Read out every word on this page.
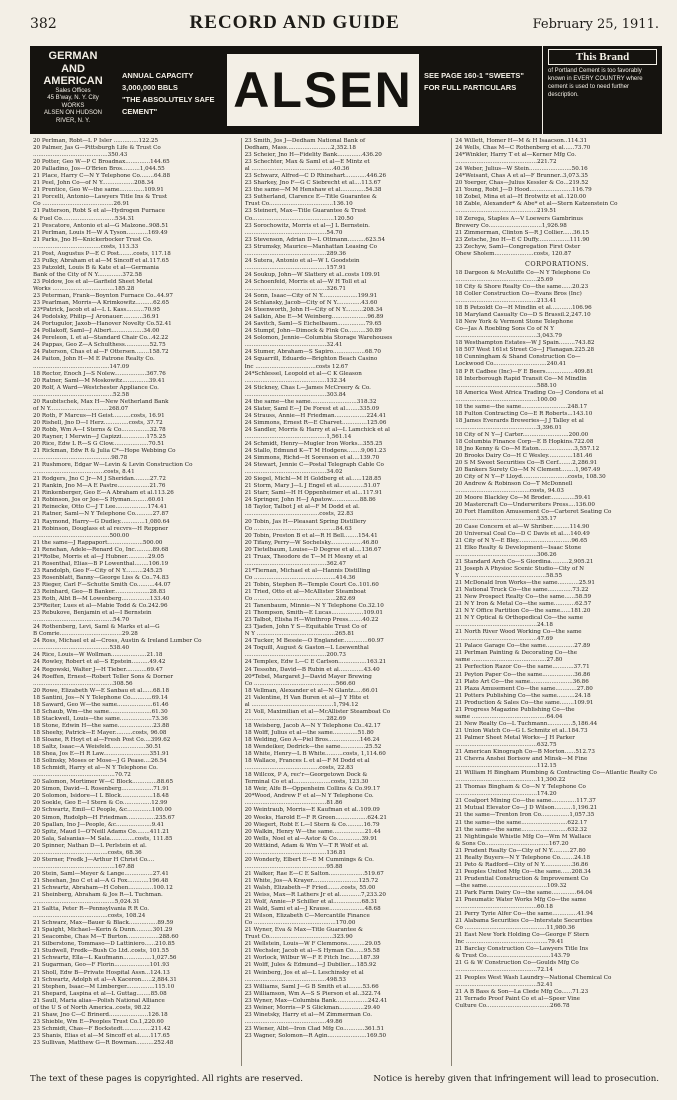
382	RECORD AND GUIDE	February 25, 1911.
GERMAN
AND
AMERICAN
Sales Offices
45 B'way, N. Y. City
WORKS
ALSEN ON HUDSON RIVER, N. Y.
ANNUAL CAPACITY 3,000,000 BBLS
"THE ABSOLUTELY SAFE CEMENT"	ALSEN	SEE PAGE 160-1 "SWEETS"
FOR FULL PARTICULARS
This Brand
of Portland Cement is too favorably known in EVERY COUNTRY where cement is used to need further description.
20 Perlman, Robt—L P Isler ..............122.25
20 Palmer, Jas G—Pittsburgh Life & Trust Co
..........................................350.43
20 Potter, Geo W—P C Broadnax..............144.65
20 Palladino, Jos—O'Brien Bros..........1,044.55
21 Place, Harry C—N Y Telephone Co........64.88
21 Peel, John Co—of N Y..................208.34
21 Prentice, Geo W—the same..............109.91
21 Porcelli, Antonio—Lawyers Title Ins & Trust
Co ........................................26.91
21 Patterson, Robt S et al—Hydrogen Furnace
& Fuel Co..............................534.31
21 Pescatore, Antonio et al—G Malzone..908.51
21 Perlman, Louis H—W A Tyson............169.49
21 Parks, Jno H—Knickerbocker Trust Co.
......................................costs, 113.33
21 Post, Augustus P—E C Post........costs, 117.18
23 Pulky, Abraham et al—M Sincoff et al.117.65
23 Patzoldt, Louis B & Kate et al—Germania
Bank of the City of N Y..............372.58
23 Poldow, Jos et al—Garfield Sheet Metal
Works ...................................185.28
23 Peterman, Frank—Boynton Furnace Co..44.97
23 Pearlman, Morris—A Krimkowitz..........62.65
23*Patrick, Jacob et al—L L Kass..........70.95
24 Podolsky, Philip—J Aronauer............36.91
24 Portugulor, Jaxob—Hanover Novelty Co.52.41
24 Pollakoff, Saml—J Albert..................34.00
24 Pereleon, L et al—Standard Chair Co...42.22
24 Pappas, Geo Z—A Schulthess..............52.75
24 Paterson, Chas et al—F Ottersen........158.72
24 Paiton, John H—M E Patrone Realty Co.
...........................................147.09
18 Rector, Enoch J—S Nolew..................367.76
20 Ratner, Saml—M Moskowitz...............39.41
20 Rolf, A Ward—Westchester Appliance Co.
.............................................52.58
20 Raubitschek, Max H—New Netherland Bank
of N Y.................................268.07
20 Roth, F Marcus—H Geist..........costs, 16.91
20 Rishell, Jno D—I Herz..............costs, 37.72
20 Robb, Wm A—I Sterns & Co................32.78
20 Rayner, I Merwin—J Capizzi..............175.25
20 Rice, Edw L R—S G Clow....................70.51
21 Rickman, Edw R & Julia C*—Hope Webbing Co
............................................98.78
21 Rushmore, Edgar W—Levin & Levin Construction Co
........................................costs, 8.41
21 Rodgers, Jno C Jr—M J Sheridan.........27.72
21 Rankin, Jno M—A E Pastre..................21.76
21 Rinkenberger, Geo E—A Abraham et al.113.26
21 Robinson, Jos or Joe—S Hyman..........60.61
21 Reinecke, Otto C—J T Lee..................174.41
21 Ratner, Saml—N Y Telephone Co..........27.87
21 Raymond, Harry—G Dudley..............1,080.64
21 Robinson, Douglass et al recvrs—H Reppner
...........................................500.00
21 the same—J Rappaport....................500.00
21 Renehan, Adele—Renard Co, Inc..........89.68
21*Rolbe, Morris et al—J Hubner............29.05
21 Rosenthal, Elias—B P Lowenthal........106.19
23 Randolph, Geo F—City of N Y..........245.25
23 Rosenblatt, Banny—George Liss & Co..74.83
23 Rieger, Carl F—Schutte Smith Co..........44.07
23 Reinhard, Geo—B Banker....................28.83
23 Roth, Albt B—M Lowenberg................133.40
23*Reiter, Lues et al—Mabie Todd & Co.242.96
23 Rebukove, Benjamin et al—I Bernstein
.............................................54.70
24 Rothenberg, Levi, Saml & Marks et al—G
B Comrie...................................29.28
24 Ross, Michael et al—Cross, Austin & Ireland Lumber Co
...........................................538.40
24 Rice, Louis—W Wollman....................21.18
24 Rowley, Robert et al—S Epstein..........49.42
24 Regowski, Walter J—H Tieber............69.47
24 Roeffen, Ernest—Robert Teller Sons & Dorner
.............................................308.56
20 Rowe, Elizabeth W—E Sanbau et al......68.18
18 Santini, Jos—N Y Telephone Co............69.14
18 Saward, Geo W—the same....................61.46
18 Schaub, Wm—the same........................61.30
18 Stackwell, Louis—the same..................73.36
18 Stone, Edwin H—the same....................23.88
18 Sheehy, Patrick—E Mayer..........costs, 96.08
18 Sloane, R Hoyt et al—Fresh Post Co....399.62
18 Saltz, Isaac—A Weisfeld....................30.51
18 Shea, Jos E—H R Law..........................351.91
18 Solinsky, Moses or Mose—J G Pease....26.54
18 Schmidt, Harry et al—N Y Telephone Co.
..............................................70.72
20 Salomon, Mortimer W—C Block..............88.65
20 Simon, David—L Rosenberg..................71.91
20 Solomon, Isidore—I L Block..................18.48
20 Soekle, Geo E—I Stern & Co................12.99
20 Schwartz, Emil—C People, &c..............100.00
20 Simon, Rudolph—H Friedman................235.67
20 Spallan, Ino J—People, &c....................9.41
20 Spitz, Maud I—O'Neill Adams Co........411.21
20 Sala, Salsanias—M Sala..............costs, 111.85
20 Spinner, Nathan D—L Perlstein et al.
..........................................costs, 68.36
20 Sterner, Fredk J—Arthur H Christ Co....
..............................................167.88
20 Stein, Saml—Meyer & Lange................27.41
21 Sheehan, Jno C et al—A G Fox............196.48
21 Schwartz, Abraham—H Cohen..............100.12
21 Sheinberg, Abraham & Jos R—L Tuchman.
..............................................5,024.31
21 Saltta, Peter R—Pennsylvania R R Co.
..........................................costs, 108.24
21 Schwarz, Max—Bauer & Black................89.59
21 Spaight, Michael—Kerin & Dunn..........301.29
21 Seacombe, Chas M—T Burton..................288.60
21 Silberstone, Tommaso—D Lattiniero......210.85
21 Studwell, Fredk—Bush Co Ltd..costs, 101.55
21 Schwartz, Ella—L Kaufmann................1,027.56
21 Sugarman, Geo—F Florin....................101.93
21 Sholl, Edw B—Private Hospital Assn...124.13
21 Schwartz, Adolph et al—A Kaceron......2,884.31
21 Stephen, Isaac—M Limberger................115.10
21 Shepard, Laspina et al—L Guttag........85.08
21 Saull, Maria alias—Polish National Alliance
of the U S of North America..costs, 98.22
21 Shaw, Jno C—C Brinerd......................126.18
23 Shieble, Wm E—Peoples Trust Co.1,220.60
23 Schmidt, Chas—F Bockstedt................211.42
23 Shanis, Elias et al—M Sincoff et al......117.65
23 Sullivan, Matthew G—R Bowman..........252.48
23 Smith, Jos J—Dedham National Bank of
Dedham, Mass.........................2,352.18
23 Scheier, Jno H—Fidelity Bank..............436.20
23 Schechter, Max & Saml et al—E Mintz et
al ..............................................40.36
23 Schwarz, Alfred—C D Rhinehart............446.26
23 Sharkey, Jno F—G C Siebrecht et al....113.67
23 the same—M M Henshaw et al..............54.38
23 Sutherland, Clarence E—Title Guarantee &
Trust Co....................................136.10
23 Steinert, Max—Title Guarantee & Trust
Co..............................................120.50
23 Sorochowitz, Morris et al—J L Bernstein.
..............................................54.70
23 Stevenson, Adrian D—L Ottmann..........623.54
23 Strumsky, Maurice—Manhattan Leasing Co
..............................................289.36
24 Sutera, Antonio et al—W L Goodstein
..............................................157.91
24 Soukup, John—W Slattery et al..costs 109.91
24 Schoenfeld, Morris et al—W H Toll et al
..............................................326.71
24 Sonn, Isaac—City of N Y....................199.91
24 Schlansky, Jacob—City of N Y..............43.60
24 Steenworth, John H—City of N Y..........208.34
24 Salkin, Abe E—M Weinberg....................96.89
24 Savitch, Saml—S Eichelbaum................79.65
24 Stumpf, John—Dimock & Fink Co..........30.89
24 Solomon, Jennie—Columbia Storage Warehouses
..............................................32.41
24 Stumer, Abraham—S Sapiro..................68.70
24 Squarrill, Eduardo—Brighton Beach Casino
Inc ..................................costs 12.67
24*Schlessel, Leopold et al—C K Gleason
..............................................132.34
24 Stickney, Chas L—James McCreery & Co.
..............................................303.84
24 the same—the same..........................318.32
24 Slater, Saml E—J De Forest et al........335.09
24 Strauss, Annie—H Friedman..................224.41
24 Simmons, Ernest R—E Charvet..............125.06
24 Sandler, Morris & Harry et al—L Lamchick et al
..............................................1,561.14
24 Schmidt, Henry—Mugler Iron Works...355.25
24 Stallo, Edmund K—T M Hodgens........9,061.23
24 Simmons, Richd—H Sorenson et al....139.70
24 Stewart, Jennie C—Postal Telegraph Cable Co
..............................................34.02
20 Siegel, Michl—M H Goldberg et al......128.85
21 Storm, Mary J—L J Engel et al..............51.07
21 Starr, Saml—H H Oppenheimer et al...117.91
24 Springer, John H—J Apatow................88.86
18 Taylor, Talbot J et al—F M Dodd et al.
..........................................costs, 22.83
20 Tobin, Jas H—Pleasant Spring Distillery
Co ..............................................84.63
20 Tobin, Preston B et al—R H Bell........154.41
20 Tifany, Perry—W Sochelsky..................46.80
20 Tietelbaum, Louise—D Degree et al....136.67
21 Truax, Theodore de T—M H Mesny et al
..............................................362.47
21*Tiernan, Michael et al—Hannis Distilling
Co ..............................................414.36
21 Tobin, Stephen R—Temple Court Co..101.60
21 Tried, Otto et al—McAllister Steamboat
Co ..............................................282.69
21 Tanenbaum, Minnie—N Y Telephone Co.32.10
21 Thompson, Smith—E Lucas..................109.01
23 Talbot, Elisha H—Winthrop Press........40.22
23 Tjaden, John Y S—Equitable Trust Co of
N Y ............................................265.81
24 Tucker, M Bessie—O Englander..............60.97
24 Toquill, August & Gaston—L Loewenthal
..............................................200.73
24 Templex, Edw L—C E Carlson................163.21
24 Tessohn, David—B Rubin et al..............43.40
20*Tebel, Margaret J—David Mayer Brewing
Co ..............................................566.60
18 Vellman, Alexander et al—N Glantz.....66.01
21 Valentine, H Van Buren et al—J Y Hite et
al ..............................................1,794.12
21 Voll, Maximilian et al—McAllister Steamboat Co
..............................................282.69
18 Weisberg, Jacob A—N Y Telephone Co..42.17
18 Wolff, Julius et al—the same..............51.80
18 Welding, Geo A—Piel Bros..................146.24
18 Wendeiker, Dedrick—the same..............25.52
18 White, Henry—L B White..........costs, 1,114.60
18 Wallace, Frances L et al—F M Dodd et al
..........................................costs, 22.83
18 Willcox, P A, rec'r—Georgetown Dock &
Terminal Co et al.....................costs, 123.30
18 Weir, Alfe B—Oppenheim Collins & Co.99.17
20*Wood, Andrew F et al—N Y Telephone Co.
..............................................81.86
20 Weintraub, Morris—E Kaufman et al..109.09
20 Weeks, Harold E—F R Green..................624.21
20 Wiegert, Robt E L—I Stern & Co..........16.79
20 Walkin, Henry W—the same..................21.44
20 Wells, Noel et al—Astor & Co..............39.91
20 Wittkind, Adam & Wm V—T R Wolf et al.
..............................................136.81
20 Wonderly, Elbert E—E M Cummings & Co.
..............................................95.88
21 Walker, Rae E—C E Salton....................519.67
21 White, Jos—A Krayer..........................125.72
21 Walsh, Elizabeth—F Fried........costs, 55.00
21 Weiss, Max—R Lathers Jr et al............7,233.20
21 Wolf, Annie—P Schiller et al................68.31
21 Wald, Sami et al—J Krause....................48.68
21 Wilson, Elizabeth C—Mercantile Finance
Co ..............................................170.00
21 Wyner, Eva & Max—Title Guarantee &
Trust Co....................................323.90
21 Wellstein, Louis—W F Clemmons..........29.05
21 Wechsler, Jacob et al—S Hyman Co......95.58
21 Worlock, Wilbur W—F E Fitch Inc......187.39
21 Wolff, Jules & Edmund—J Dubilier....185.92
21 Weinberg, Jos et al—L Leschinsky et al
..............................................498.53
23 Williams, Saml J—G B Smith et al........53.66
23 Williamson, Wm A—S S Pierson et al..322.74
23 Wyner, Max—Columbia Bank..................242.41
23 Weiner, Morris—P S Glickman..............29.40
23 Winetsky, Harry et al—M Zimmerman Co.
..............................................49.86
23 Wiener, Albt—Iron Clad Mfg Co............361.51
23 Wagner, Solomon—R Agin......................169.50
24 Willett, Homer H—M & H Isaacson..114.31
24 Wells, Chas M—C Rothenberg et al......73.70
24*Winkler, Harry T et al—Kerner Mfg Co.
..............................................221.72
24 Weber, Julius—W Stein........................50.16
24*Weisant, Chas A et al—F Brunner..3,073.35
20 Yoerger, Chas—Julius Kessler & Co...219.52
21 Young, Robt J—D Hood........................116.79
18 Zobel, Mina et al—H Brotwitz et al..120.00
18 Zable, Alexander* & Abe* et al—Stern Katzenstein Co
..............................................219.51
18 Zerega, Staples A—V Loewers Gambrinus
Brewery Co..............................1,926.98
21 Zimmerman, Clinton S—R J Collier......36.15
23 Zetsche, Jno H—E C Duffy..................111.90
23 Zechyw, Saml—Congregation First Oster
Ohew Sholem......................costs, 120.87
CORPORATIONS.
18 Dargeon & McAuliffe Co—N Y Telephone Co
..............................................25.69
18 City & Shore Realty Co—the same......20.23
18 Coller Construction Co—Evans Bros (Inc)
..............................................213.41
18 B Petzoldt Co—H Mindlin et al............106.96
18 Maryland Casualty Co—D S Brassil.2,247.10
18 New York & Vermont Stone Telephone
Co—Jas A Roebling Sons Co of N Y
..............................................3,043.79
18 Westhampton Estates—W J Spain.........743.82
18 507 West 161st Street Co—J Flanagan.225.28
18 Cunningham & Shand Construction Co—
Lockwood Co..............................240.41
18 P R Cadbee (Inc)—F E Beers................409.81
18 Interborough Rapid Transit Co—M Mindlin
..............................................588.10
18 America West Africa Trading Co—J Condora et al
..............................................100.00
18 the same—the same..........................248.17
18 Fulton Contracting Co—E R Roberts...143.10
18 James Everards Breweries—J J Talley et al
..............................................3,396.01
18 City of N Y—J Carter..........................200.00
18 Columbia Finance Corp—E B Hopkins.722.08
18 Jno Kenny & Co—M Eaton....................3,557.12
20 Brooks Dairy Co—H C Wesley..............181.46
20 S M Sweet Securities Co—B Cerf........2,286.91
20 Bankers Surety Co—M N Clement........1,967.49
20 City of N Y—F Lloyd..........................costs, 108.30
20 Andrew & Robinson Co—T McDonnell
..........................................costs, 94.03
20 Moore Blackley Co—M Broder..............59.41
20 Mastercraft Co—Underwriters Press....136.00
20 Fort Hamilton Amusement Co—Carteret Seating Co
..............................................335.17
20 Case Concern et al—W Shriber..........114.90
20 Universal Coal Co—D C Davis et al....140.49
21 City of N Y—E Bley..............................96.65
21 Elko Realty & Development—Isaac Stone
..............................................306.26
21 Standard Arch Co—S Giordina..........2,905.21
21 Joseph A Physioc Scenic Studio—City of N
Y ................................................58.55
21 McDonald Iron Works—the same............25.91
21 National Truck Co—the same..............73.22
21 New Prospect Realty Co—the same......58.59
21 N Y Iron & Metal Co—the same............62.57
21 N Y Office Partition Co—the same......181.20
21 N Y Optical & Orthopedical Co—the same
..............................................24.18
21 North River Wood Working Co—the same
..............................................47.69
21 Palace Garage Co—the same................27.89
21 Perlman Painting & Decorating Co—the
same ..........................................27.80
21 Perfection Razor Co—the same............37.71
21 Peyton Paper Co—the same..................36.86
21 Plato Art Co—the same........................36.86
21 Plaza Amusement Co—the same............27.80
21 Potters Publishing Co—the same..........24.18
21 Production & Sales Co—the same........109.91
21 Progress Magazine Publishing Co—the
same ..........................................64.04
21 New Realty Co—L Tuchmann..............5,186.44
21 Union Watch Co—G L Schmitz et al..184.73
21 Palmer Sheet Metal Works—J H Parker
..............................................632.75
21 American Kinograph Co—B Morton......512.73
21 Chevra Anshei Borisow and Minsk—M Fine
..............................................112.15
21 William H Bingham Plumbing & Contracting Co—Atlantic Realty Co
..............................................11,300.22
21 Thomas Bingham & Co—N Y Telephone Co
..............................................174.20
21 Coalport Mining Co—the same..............117.37
21 Mutual Elevator Co—J D Wilson..........1,196.21
21 the same—Trenton Iron Co................1,057.35
21 the same—the same..........................622.17
21 the same—the same..........................632.32
21 Nightingale Whistle Mfg Co—Wm M Wallace
& Sons Co....................................167.20
21 Prudent Realty Co—City of N Y..........27.80
21 Realty Buyers—N Y Telephone Co........24.18
21 Peto & Radford—City of N Y................36.86
21 Peoples United Mfg Co—the same......208.34
21 Prudential Construction & Improvement Co
—the same..................................109.32
21 Park Farm Dairy Co—the same..............64.04
21 Pneumatic Water Works Mfg Co—the same
..............................................60.18
21 Perry Tyrie Alfer Co—the same..............41.94
21 Alabama Securities Co—Interstate Securities
Co ..............................................11,980.36
21 East New York Holding Co—George F Stern
Inc ..............................................79.41
21 Barclay Construction Co—Lawyers Title Ins
& Trust Co....................................143.79
21 G & W Construction Co—Goulds Mfg Co
..............................................72.14
21 Peoples West Wash Laundry—National Chemical Co
..............................................52.41
21 A B Bass & Son—La Clede Mfg Co......71.23
21 Terrado Proof Paint Co et al—Speer Vine
Culture Co....................................266.78
The text of these pages is copyrighted. All rights are reserved.	Notice is hereby given that infringement will lead to prosecution.
